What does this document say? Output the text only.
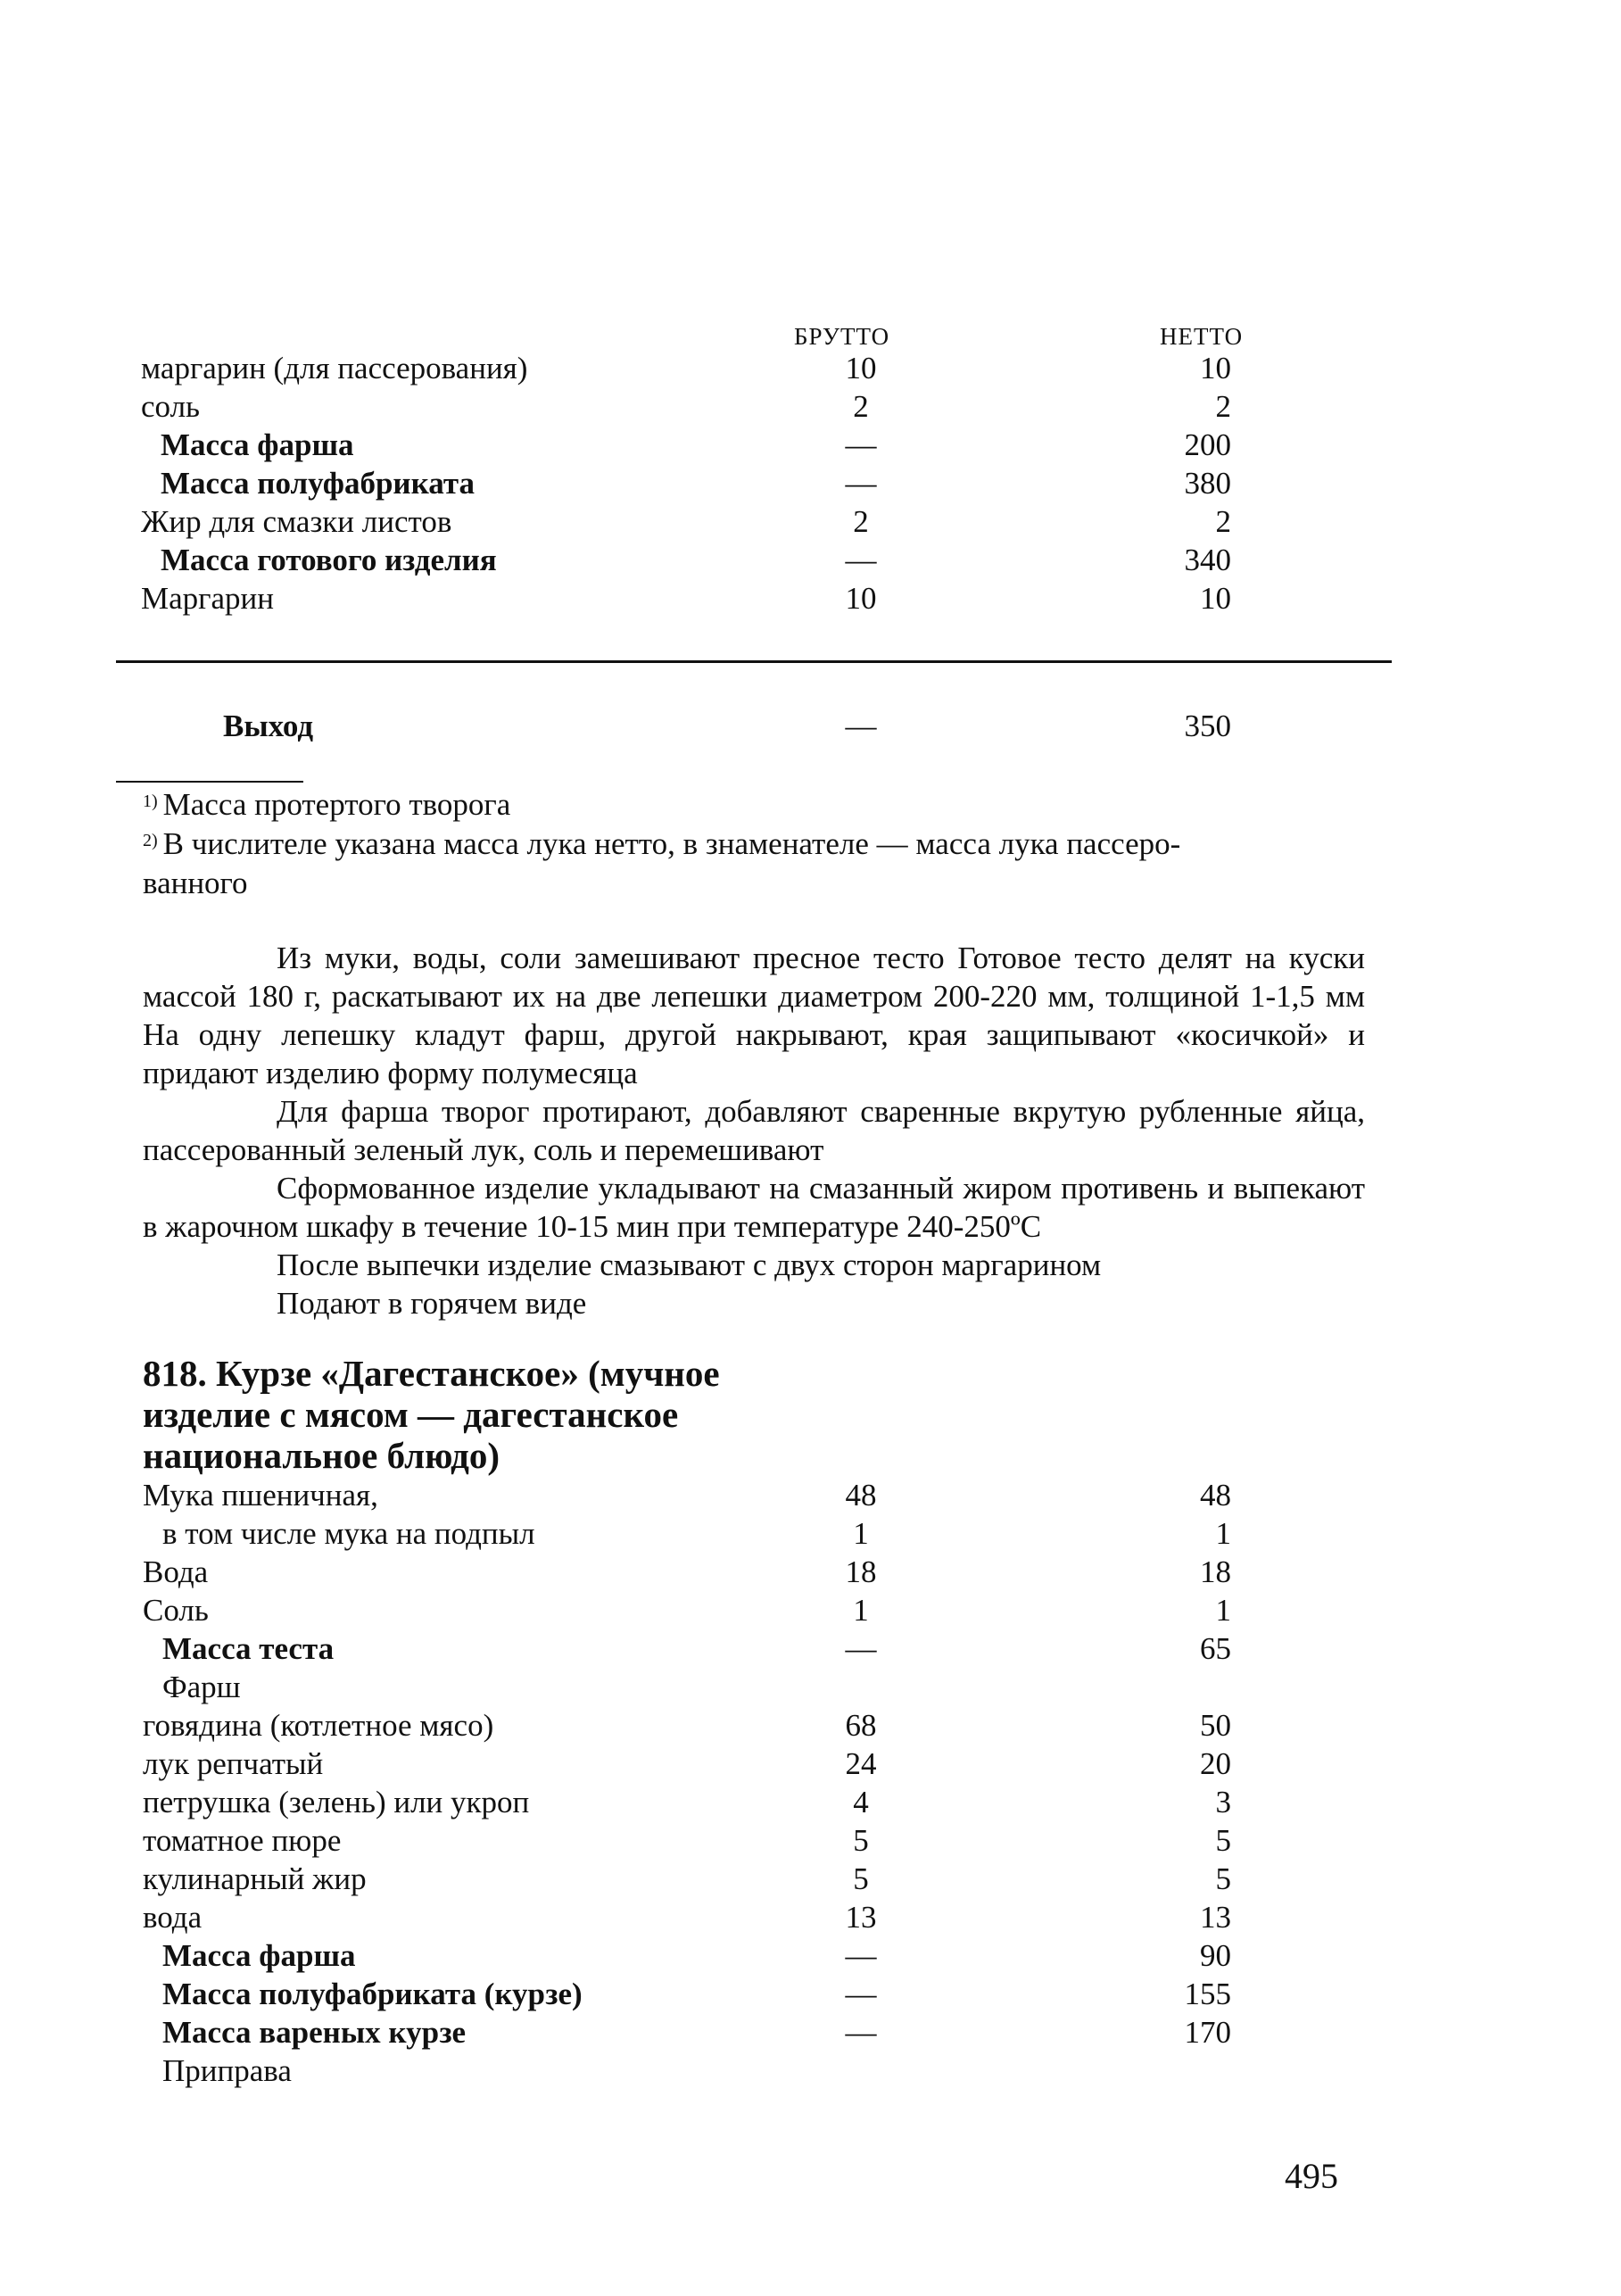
БРУТТО	НЕТТО
маргарин (для пассерования)	10	10
соль	2	2
Масса фарша	—	200
Масса полуфабриката	—	380
Жир для смазки листов	2	2
Масса готового изделия	—	340
Маргарин	10	10
Выход	—	350
$^{1)}$ Масса протертого творога
$^{2)}$ В числителе указана масса лука нетто, в знаменателе — масса лука пассеро-
ванного
Из муки, воды, соли замешивают пресное тесто Готовое тесто делят на куски массой 180 г, раскатывают их на две лепешки диаметром 200-220 мм, толщиной 1-1,5 мм На одну лепешку кладут фарш, другой накрывают, края защипывают «косичкой» и придают изделию форму полумесяца
Для фарша творог протирают, добавляют сваренные вкрутую рубленные яйца, пассерованный зеленый лук, соль и перемешивают
Сформованное изделие укладывают на смазанный жиром противень и выпекают в жарочном шкафу в течение 10-15 мин при температуре 240-250ºС
После выпечки изделие смазывают с двух сторон маргарином
Подают в горячем виде
818. Курзе «Дагестанское» (мучное
изделие с мясом — дагестанское
национальное блюдо)
Мука пшеничная,	48	48
в том числе мука на подпыл	1	1
Вода	18	18
Соль	1	1
Масса теста	—	65
Фарш
говядина (котлетное мясо)	68	50
лук репчатый	24	20
петрушка (зелень) или укроп	4	3
томатное пюре	5	5
кулинарный жир	5	5
вода	13	13
Масса фарша	—	90
Масса полуфабриката (курзе)	—	155
Масса вареных курзе	—	170
Приправа
495
